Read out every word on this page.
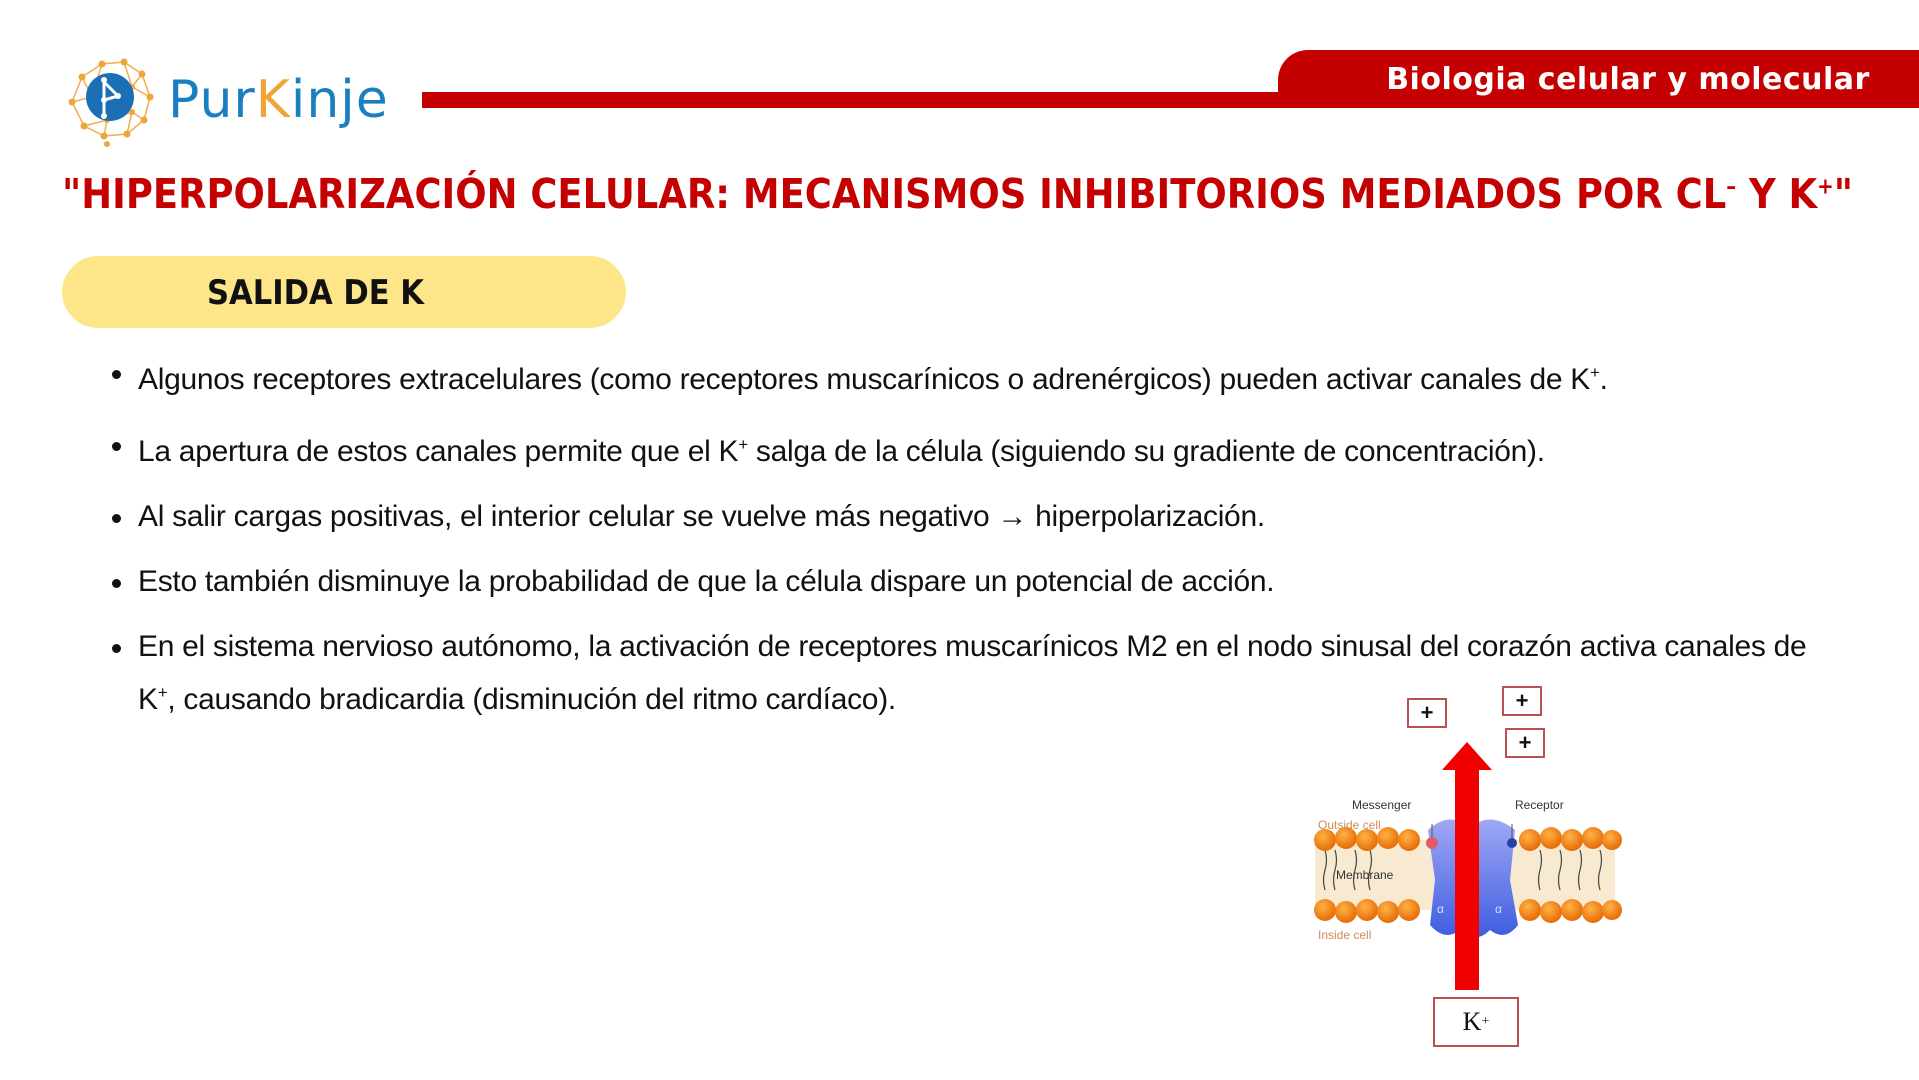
PurKinje	Biologia celular y molecular
"HIPERPOLARIZACIÓN CELULAR: MECANISMOS INHIBITORIOS MEDIADOS POR CL– Y K+"
SALIDA DE K
Algunos receptores extracelulares (como receptores muscarínicos o adrenérgicos) pueden activar canales de K+.
La apertura de estos canales permite que el K+ salga de la célula (siguiendo su gradiente de concentración).
Al salir cargas positivas, el interior celular se vuelve más negativo → hiperpolarización.
Esto también disminuye la probabilidad de que la célula dispare un potencial de acción.
En el sistema nervioso autónomo, la activación de receptores muscarínicos M2 en el nodo sinusal del corazón activa canales de K+, causando bradicardia (disminución del ritmo cardíaco).	+	+
+
Messenger	Receptor
Outside cell
Membrane
Inside cell
α	α
K +
